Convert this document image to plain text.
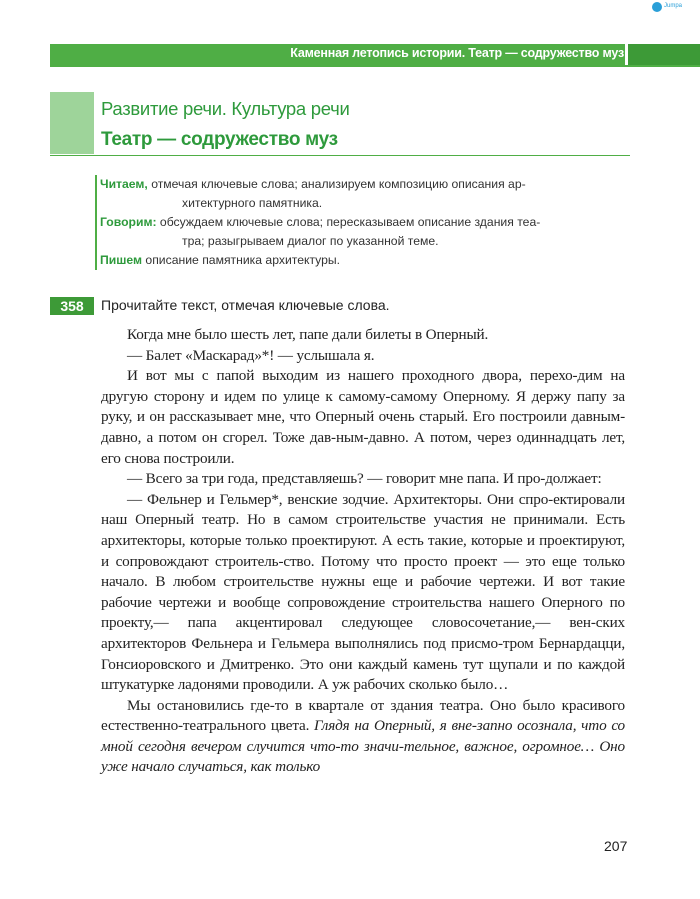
Jumpa
Каменная летопись истории. Театр — содружество муз
Развитие речи. Культура речи
Театр — содружество муз
Читаем, отмечая ключевые слова; анализируем композицию описания ар-
хитектурного памятника.
Говорим: обсуждаем ключевые слова; пересказываем описание здания теа-
тра; разыгрываем диалог по указанной теме.
Пишем описание памятника архитектуры.
358	Прочитайте текст, отмечая ключевые слова.

Когда мне было шесть лет, папе дали билеты в Оперный.

— Балет «Маскарад»*! — услышала я.

И вот мы с папой выходим из нашего проходного двора, перехо-дим на другую сторону и идем по улице к самому-самому Оперному. Я держу папу за руку, и он рассказывает мне, что Оперный очень старый. Его построили давным-давно, а потом он сгорел. Тоже дав-ным-давно. А потом, через одиннадцать лет, его снова построили.

— Всего за три года, представляешь? — говорит мне папа. И про-должает:

— Фельнер и Гельмер*, венские зодчие. Архитекторы. Они спро-ектировали наш Оперный театр. Но в самом строительстве участия не принимали. Есть архитекторы, которые только проектируют. А есть такие, которые и проектируют, и сопровождают строитель-ство. Потому что просто проект — это еще только начало. В любом строительстве нужны еще и рабочие чертежи. И вот такие рабочие чертежи и вообще сопровождение строительства нашего Оперного по проекту,— папа акцентировал следующее словосочетание,— вен-ских архитекторов Фельнера и Гельмера выполнялись под присмо-тром Бернардацци, Гонсиоровского и Дмитренко. Это они каждый камень тут щупали и по каждой штукатурке ладонями проводили. А уж рабочих сколько было…

Мы остановились где-то в квартале от здания театра. Оно было красивого естественно-театрального цвета. Глядя на Оперный, я вне-запно осознала, что со мной сегодня вечером случится что-то значи-тельное, важное, огромное… Оно уже начало случаться, как только

207
